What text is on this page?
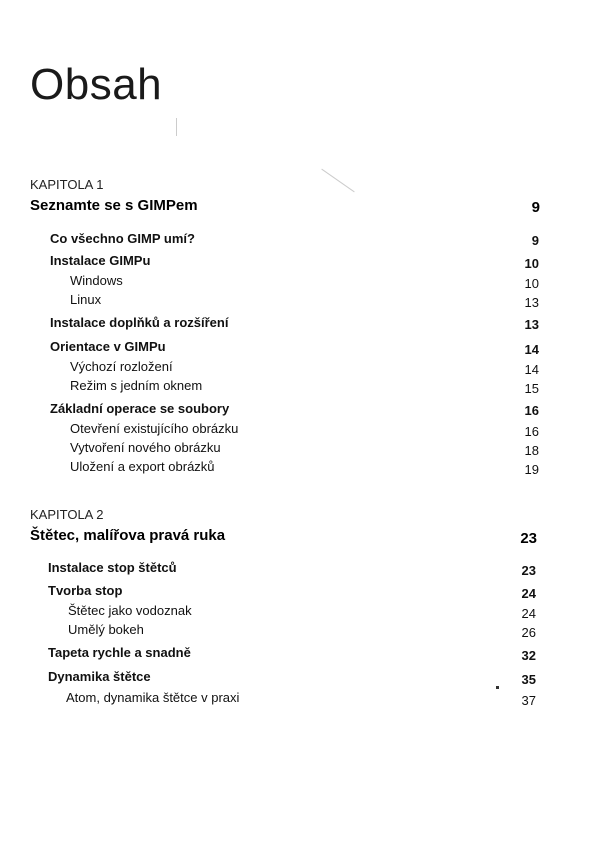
Obsah
KAPITOLA 1
Seznamte se s GIMPem	9
Co všechno GIMP umí?	9
Instalace GIMPu	10
Windows	10
Linux	13
Instalace doplňků a rozšíření	13
Orientace v GIMPu	14
Výchozí rozložení	14
Režim s jedním oknem	15
Základní operace se soubory	16
Otevření existujícího obrázku	16
Vytvoření nového obrázku	18
Uložení a export obrázků	19
KAPITOLA 2
Štětec, malířova pravá ruka	23
Instalace stop štětců	23
Tvorba stop	24
Štětec jako vodoznak	24
Umělý bokeh	26
Tapeta rychle a snadně	32
Dynamika štětce	35
Atom, dynamika štětce v praxi	37
